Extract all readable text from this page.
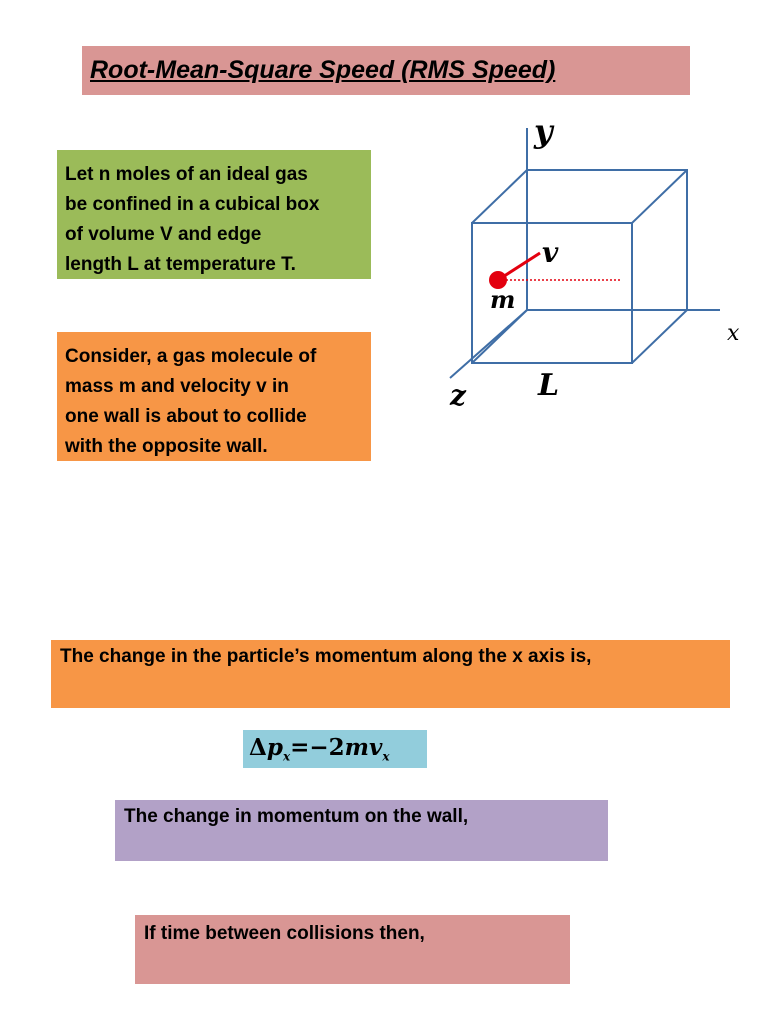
Root-Mean-Square Speed (RMS Speed)

Let n moles of an ideal gas
be confined in a cubical box
of volume V and edge
length L at temperature T.

Consider, a gas molecule of
mass m and velocity v in
one wall is about to collide
with the opposite wall.

y
x
z L
m
v
The change in the particle’s momentum along the x axis is,
$\Delta p_x=-2mv_x$
The change in momentum on the wall,
If time between collisions then,
